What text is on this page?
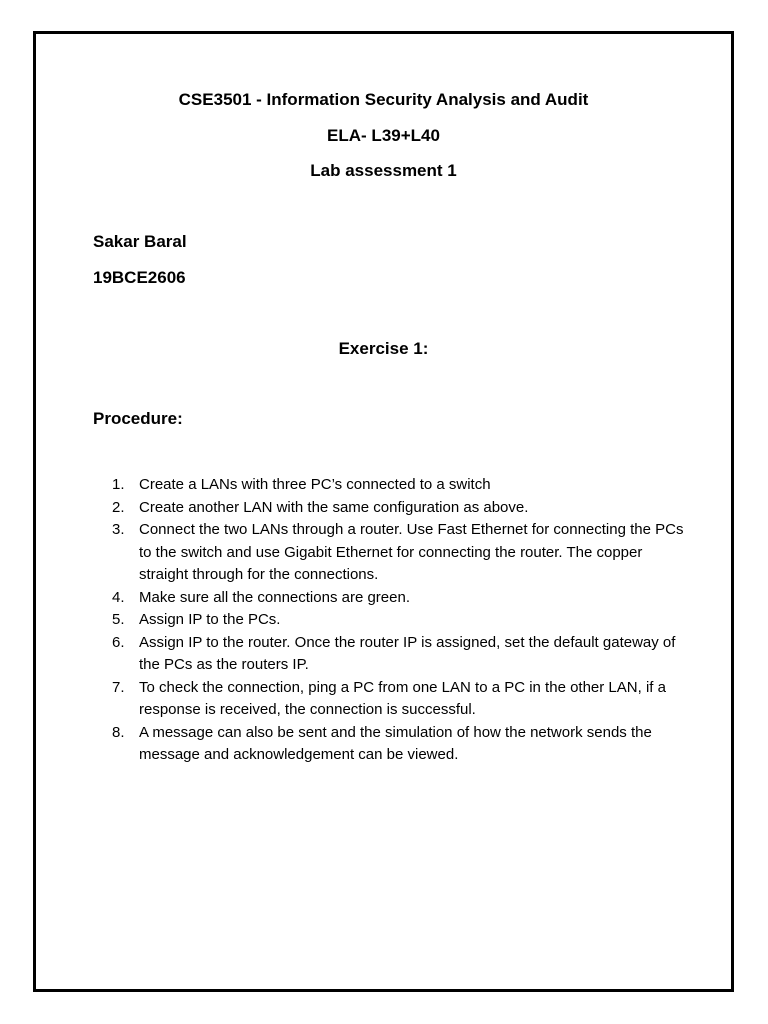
CSE3501 - Information Security Analysis and Audit
ELA- L39+L40
Lab assessment 1
Sakar Baral
19BCE2606
Exercise 1:
Procedure:
1. Create a LANs with three PC’s connected to a switch
2. Create another LAN with the same configuration as above.
3. Connect the two LANs through a router. Use Fast Ethernet for connecting the PCs to the switch and use Gigabit Ethernet for connecting the router. The copper straight through for the connections.
4. Make sure all the connections are green.
5. Assign IP to the PCs.
6. Assign IP to the router. Once the router IP is assigned, set the default gateway of the PCs as the routers IP.
7. To check the connection, ping a PC from one LAN to a PC in the other LAN, if a response is received, the connection is successful.
8. A message can also be sent and the simulation of how the network sends the message and acknowledgement can be viewed.
